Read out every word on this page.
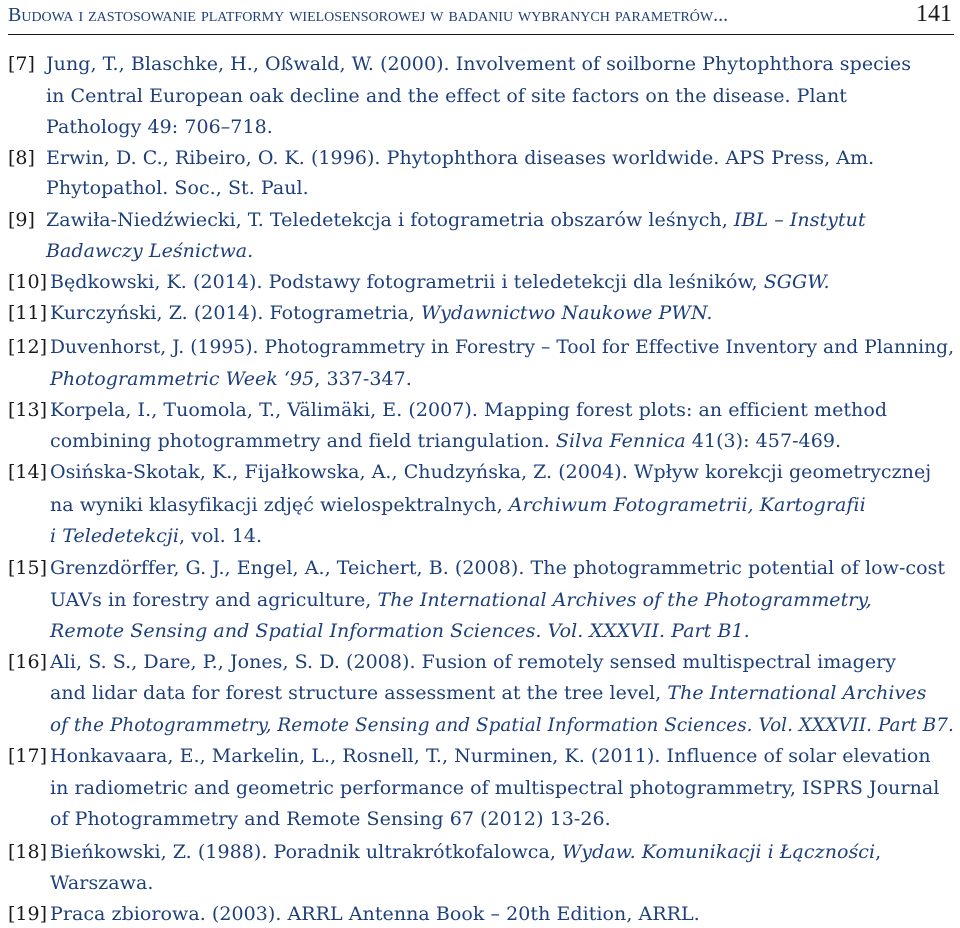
Budowa i zastosowanie platformy wielosensorowej w badaniu wybranych parametrów...	141
[7] Jung, T., Blaschke, H., Oßwald, W. (2000). Involvement of soilborne Phytophthora species
in Central European oak decline and the effect of site factors on the disease. Plant
Pathology 49: 706–718.
[8] Erwin, D. C., Ribeiro, O. K. (1996). Phytophthora diseases worldwide. APS Press, Am.
Phytopathol. Soc., St. Paul.
[9] Zawiła-Niedźwiecki, T. Teledetekcja i fotogrametria obszarów leśnych, IBL – Instytut
Badawczy Leśnictwa.
[10] Będkowski, K. (2014). Podstawy fotogrametrii i teledetekcji dla leśników, SGGW.
[11] Kurczyński, Z. (2014). Fotogrametria, Wydawnictwo Naukowe PWN.
[12] Duvenhorst, J. (1995). Photogrammetry in Forestry – Tool for Effective Inventory and Planning,
Photogrammetric Week ‘95, 337-347.
[13] Korpela, I., Tuomola, T., Välimäki, E. (2007). Mapping forest plots: an efficient method
combining photogrammetry and field triangulation. Silva Fennica 41(3): 457-469.
[14] Osińska-Skotak, K., Fijałkowska, A., Chudzyńska, Z. (2004). Wpływ korekcji geometrycznej
na wyniki klasyfikacji zdjęć wielospektralnych, Archiwum Fotogrametrii, Kartografii
i Teledetekcji, vol. 14.
[15] Grenzdörffer, G. J., Engel, A., Teichert, B. (2008). The photogrammetric potential of low-cost
UAVs in forestry and agriculture, The International Archives of the Photogrammetry,
Remote Sensing and Spatial Information Sciences. Vol. XXXVII. Part B1.
[16] Ali, S. S., Dare, P., Jones, S. D. (2008). Fusion of remotely sensed multispectral imagery
and lidar data for forest structure assessment at the tree level, The International Archives
of the Photogrammetry, Remote Sensing and Spatial Information Sciences. Vol. XXXVII. Part B7.
[17] Honkavaara, E., Markelin, L., Rosnell, T., Nurminen, K. (2011). Influence of solar elevation
in radiometric and geometric performance of multispectral photogrammetry, ISPRS Journal
of Photogrammetry and Remote Sensing 67 (2012) 13-26.
[18] Bieńkowski, Z. (1988). Poradnik ultrakrótkofalowca, Wydaw. Komunikacji i Łączności,
Warszawa.
[19] Praca zbiorowa. (2003). ARRL Antenna Book – 20th Edition, ARRL.
